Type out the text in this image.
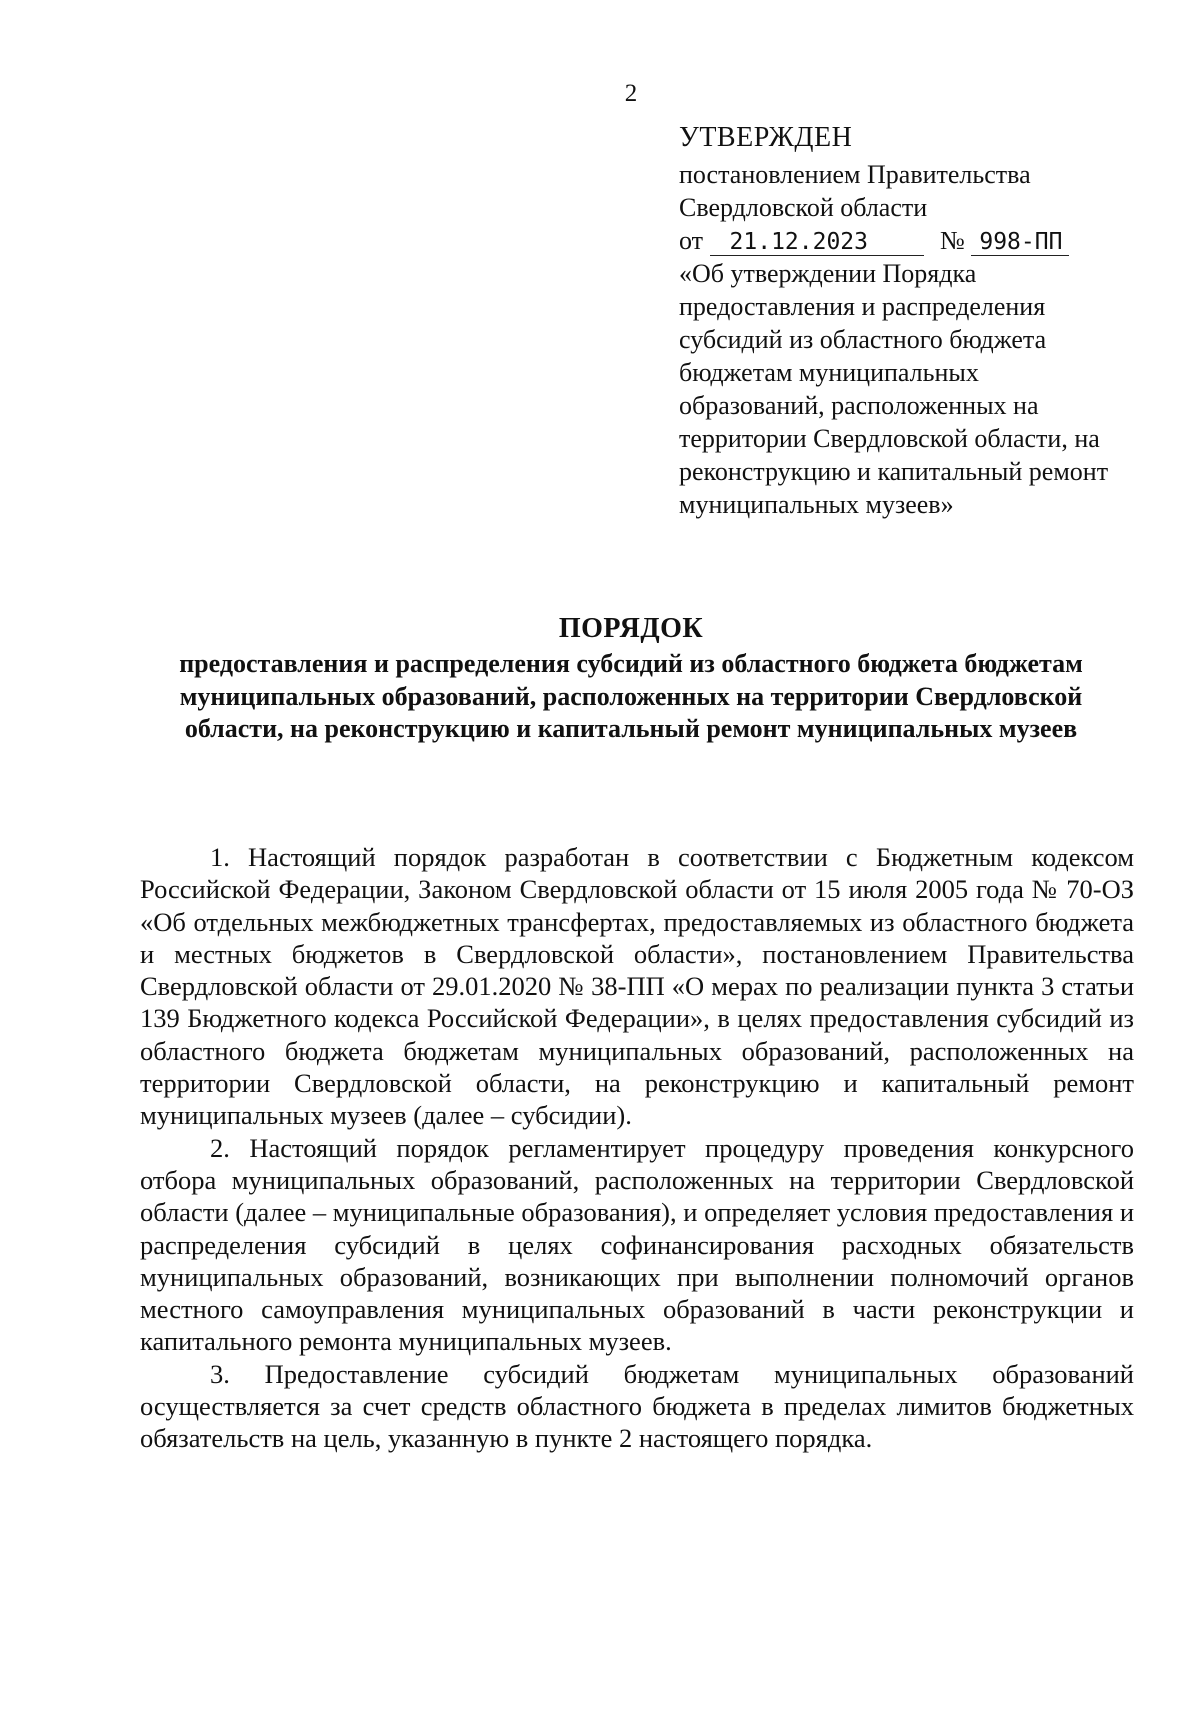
2
УТВЕРЖДЕН
постановлением Правительства
Свердловской области
от 21.12.2023	№ 998-ПП
«Об утверждении Порядка предоставления и распределения субсидий из областного бюджета бюджетам муниципальных образований, расположенных на территории Свердловской области, на реконструкцию и капитальный ремонт муниципальных музеев»
ПОРЯДОК
предоставления и распределения субсидий из областного бюджета бюджетам муниципальных образований, расположенных на территории Свердловской области, на реконструкцию и капитальный ремонт муниципальных музеев

1. Настоящий порядок разработан в соответствии с Бюджетным кодексом Российской Федерации, Законом Свердловской области от 15 июля 2005 года № 70-ОЗ «Об отдельных межбюджетных трансфертах, предоставляемых из областного бюджета и местных бюджетов в Свердловской области», постановлением Правительства Свердловской области от 29.01.2020 № 38-ПП «О мерах по реализации пункта 3 статьи 139 Бюджетного кодекса Российской Федерации», в целях предоставления субсидий из областного бюджета бюджетам муниципальных образований, расположенных на территории Свердловской области, на реконструкцию и капитальный ремонт муниципальных музеев (далее – субсидии).

2. Настоящий порядок регламентирует процедуру проведения конкурсного отбора муниципальных образований, расположенных на территории Свердловской области (далее – муниципальные образования), и определяет условия предоставления и распределения субсидий в целях софинансирования расходных обязательств муниципальных образований, возникающих при выполнении полномочий органов местного самоуправления муниципальных образований в части реконструкции и капитального ремонта муниципальных музеев.

3. Предоставление субсидий бюджетам муниципальных образований осуществляется за счет средств областного бюджета в пределах лимитов бюджетных обязательств на цель, указанную в пункте 2 настоящего порядка.
